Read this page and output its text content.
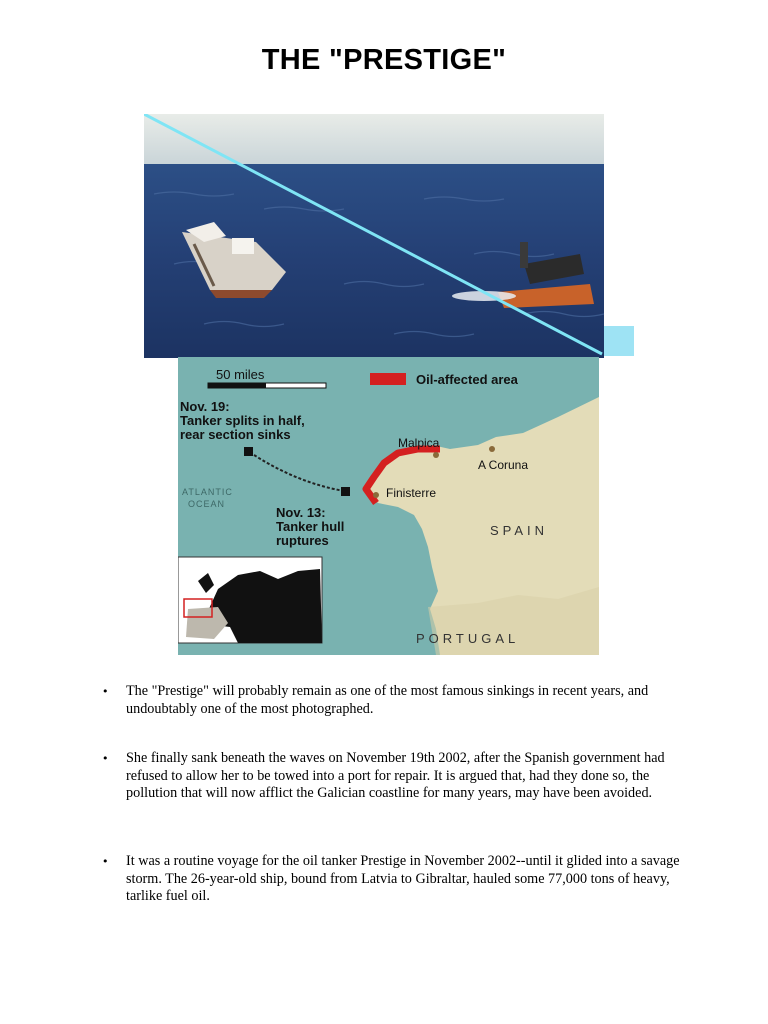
THE "PRESTIGE"
50 miles	Oil-affected area
Nov. 19:
Tanker splits in half,
rear section sinks
Nov. 13:
Tanker hull
ruptures
ATLANTIC
OCEAN
Malpica
A Coruna
Finisterre
SPAIN
PORTUGAL
•	The "Prestige" will probably remain as one of the most famous sinkings in recent years, and undoubtably one of the most photographed.
•	She finally sank beneath the waves on November 19th 2002, after the Spanish government had refused to allow her to be towed into a port for repair. It is argued that, had they done so, the pollution that will now afflict the Galician coastline for many years, may have been avoided.
•	It was a routine voyage for the oil tanker Prestige in November 2002--until it glided into a savage storm. The 26-year-old ship, bound from Latvia to Gibraltar, hauled some 77,000 tons of heavy, tarlike fuel oil.
